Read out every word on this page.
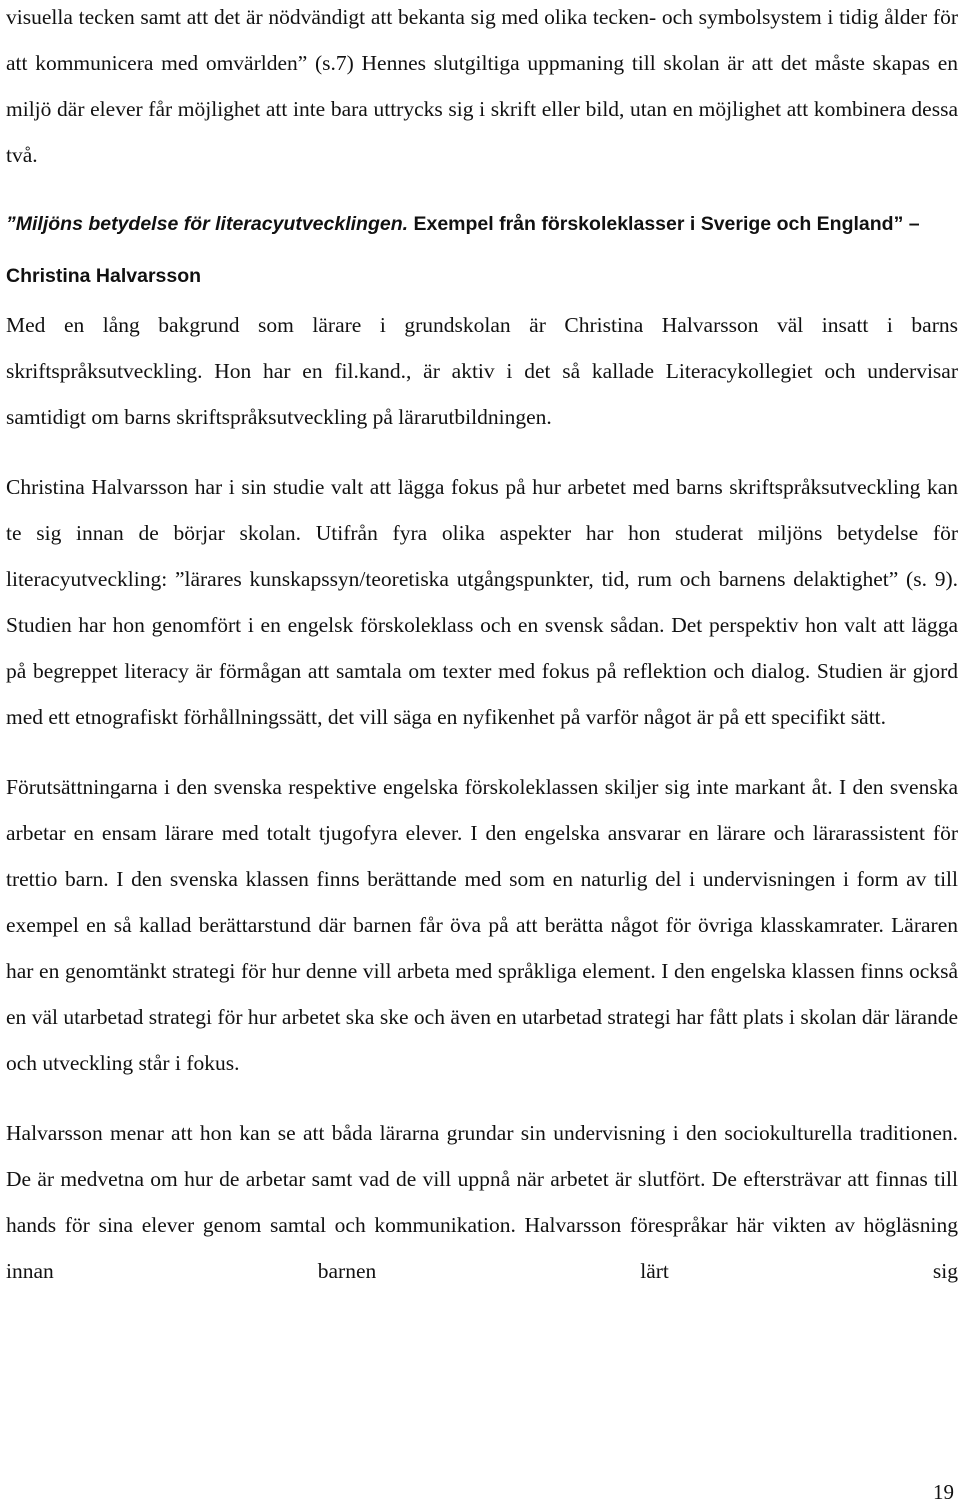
visuella tecken samt att det är nödvändigt att bekanta sig med olika tecken- och symbolsystem i tidig ålder för att kommunicera med omvärlden” (s.7) Hennes slutgiltiga uppmaning till skolan är att det måste skapas en miljö där elever får möjlighet att inte bara uttrycks sig i skrift eller bild, utan en möjlighet att kombinera dessa två.

”Miljöns betydelse för literacyutvecklingen. Exempel från förskoleklasser i Sverige och England” – Christina Halvarsson

Med en lång bakgrund som lärare i grundskolan är Christina Halvarsson väl insatt i barns skriftspråksutveckling. Hon har en fil.kand., är aktiv i det så kallade Literacykollegiet och undervisar samtidigt om barns skriftspråksutveckling på lärarutbildningen.

Christina Halvarsson har i sin studie valt att lägga fokus på hur arbetet med barns skriftspråksutveckling kan te sig innan de börjar skolan. Utifrån fyra olika aspekter har hon studerat miljöns betydelse för literacyutveckling: ”lärares kunskapssyn/teoretiska utgångspunkter, tid, rum och barnens delaktighet” (s. 9). Studien har hon genomfört i en engelsk förskoleklass och en svensk sådan. Det perspektiv hon valt att lägga på begreppet literacy är förmågan att samtala om texter med fokus på reflektion och dialog. Studien är gjord med ett etnografiskt förhållningssätt, det vill säga en nyfikenhet på varför något är på ett specifikt sätt.

Förutsättningarna i den svenska respektive engelska förskoleklassen skiljer sig inte markant åt. I den svenska arbetar en ensam lärare med totalt tjugofyra elever. I den engelska ansvarar en lärare och lärarassistent för trettio barn. I den svenska klassen finns berättande med som en naturlig del i undervisningen i form av till exempel en så kallad berättarstund där barnen får öva på att berätta något för övriga klasskamrater. Läraren har en genomtänkt strategi för hur denne vill arbeta med språkliga element. I den engelska klassen finns också en väl utarbetad strategi för hur arbetet ska ske och även en utarbetad strategi har fått plats i skolan där lärande och utveckling står i fokus.

Halvarsson menar att hon kan se att båda lärarna grundar sin undervisning i den sociokulturella traditionen. De är medvetna om hur de arbetar samt vad de vill uppnå när arbetet är slutfört. De eftersträvar att finnas till hands för sina elever genom samtal och kommunikation. Halvarsson förespråkar här vikten av högläsning innan barnen lärt sig

19
